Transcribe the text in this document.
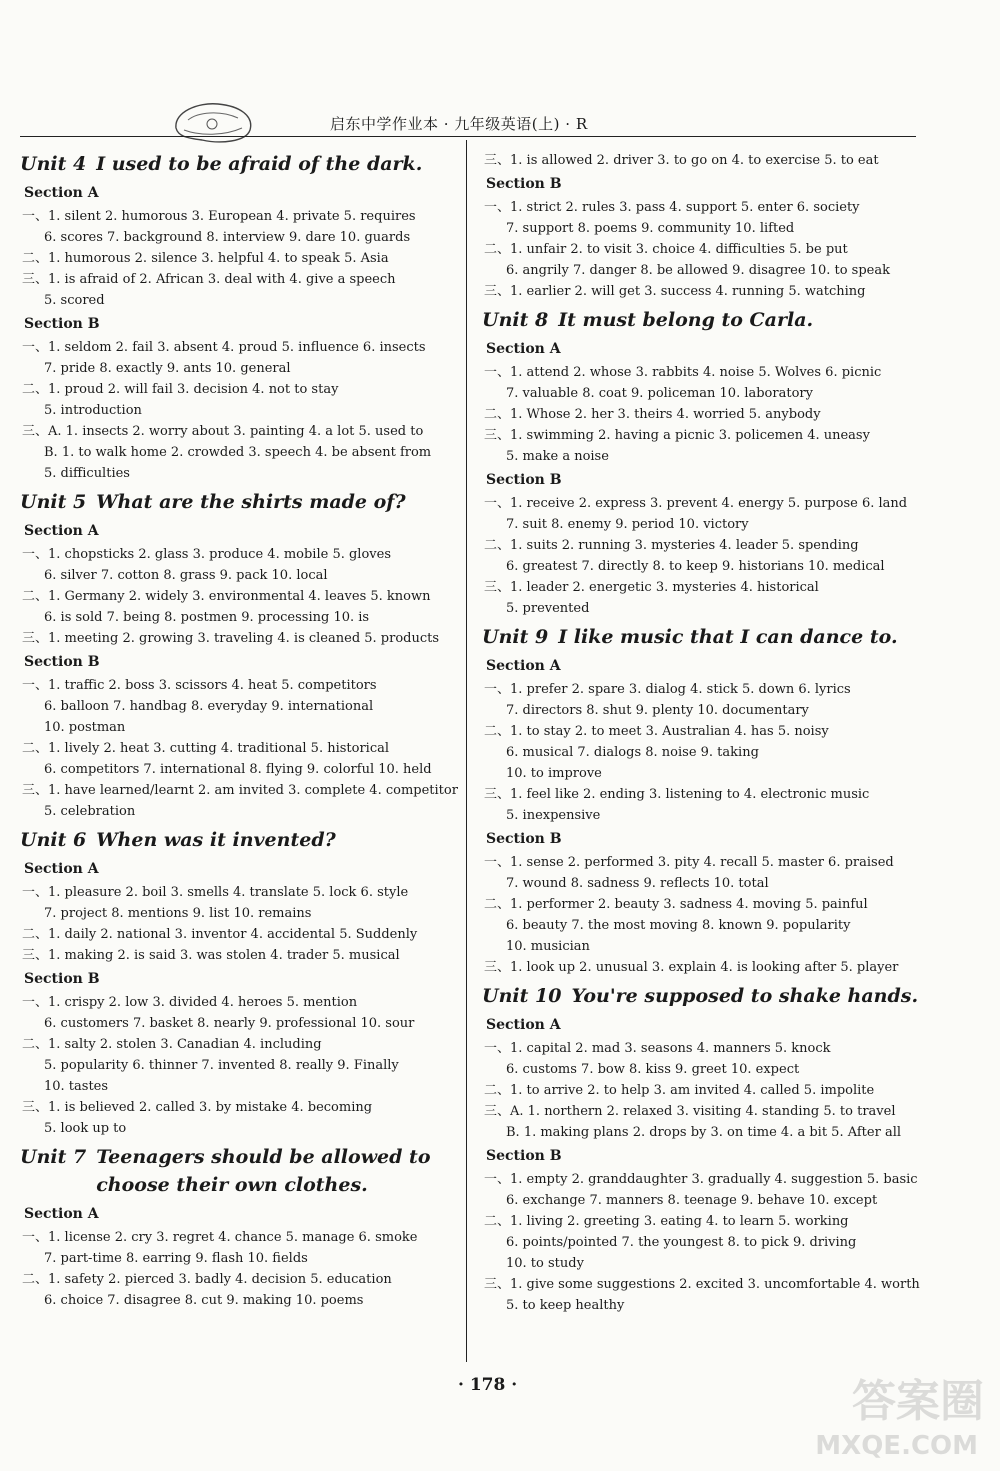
启东中学作业本 · 九年级英语(上) · R
Unit 4 I used to be afraid of the dark.
Section A
一、1. silent 2. humorous 3. European 4. private 5. requires
6. scores 7. background 8. interview 9. dare 10. guards
二、1. humorous 2. silence 3. helpful 4. to speak 5. Asia
三、1. is afraid of 2. African 3. deal with 4. give a speech
5. scored
Section B
一、1. seldom 2. fail 3. absent 4. proud 5. influence 6. insects
7. pride 8. exactly 9. ants 10. general
二、1. proud 2. will fail 3. decision 4. not to stay
5. introduction
三、A. 1. insects 2. worry about 3. painting 4. a lot 5. used to
B. 1. to walk home 2. crowded 3. speech 4. be absent from
5. difficulties
Unit 5 What are the shirts made of?
Section A
一、1. chopsticks 2. glass 3. produce 4. mobile 5. gloves
6. silver 7. cotton 8. grass 9. pack 10. local
二、1. Germany 2. widely 3. environmental 4. leaves 5. known
6. is sold 7. being 8. postmen 9. processing 10. is
三、1. meeting 2. growing 3. traveling 4. is cleaned 5. products
Section B
一、1. traffic 2. boss 3. scissors 4. heat 5. competitors
6. balloon 7. handbag 8. everyday 9. international
10. postman
二、1. lively 2. heat 3. cutting 4. traditional 5. historical
6. competitors 7. international 8. flying 9. colorful 10. held
三、1. have learned/learnt 2. am invited 3. complete 4. competitor
5. celebration
Unit 6 When was it invented?
Section A
一、1. pleasure 2. boil 3. smells 4. translate 5. lock 6. style
7. project 8. mentions 9. list 10. remains
二、1. daily 2. national 3. inventor 4. accidental 5. Suddenly
三、1. making 2. is said 3. was stolen 4. trader 5. musical
Section B
一、1. crispy 2. low 3. divided 4. heroes 5. mention
6. customers 7. basket 8. nearly 9. professional 10. sour
二、1. salty 2. stolen 3. Canadian 4. including
5. popularity 6. thinner 7. invented 8. really 9. Finally
10. tastes
三、1. is believed 2. called 3. by mistake 4. becoming
5. look up to
Unit 7 Teenagers should be allowed to choose their own clothes.
Section A
一、1. license 2. cry 3. regret 4. chance 5. manage 6. smoke
7. part-time 8. earring 9. flash 10. fields
二、1. safety 2. pierced 3. badly 4. decision 5. education
6. choice 7. disagree 8. cut 9. making 10. poems
三、1. is allowed 2. driver 3. to go on 4. to exercise 5. to eat
Section B
一、1. strict 2. rules 3. pass 4. support 5. enter 6. society
7. support 8. poems 9. community 10. lifted
二、1. unfair 2. to visit 3. choice 4. difficulties 5. be put
6. angrily 7. danger 8. be allowed 9. disagree 10. to speak
三、1. earlier 2. will get 3. success 4. running 5. watching
Unit 8 It must belong to Carla.
Section A
一、1. attend 2. whose 3. rabbits 4. noise 5. Wolves 6. picnic
7. valuable 8. coat 9. policeman 10. laboratory
二、1. Whose 2. her 3. theirs 4. worried 5. anybody
三、1. swimming 2. having a picnic 3. policemen 4. uneasy
5. make a noise
Section B
一、1. receive 2. express 3. prevent 4. energy 5. purpose 6. land
7. suit 8. enemy 9. period 10. victory
二、1. suits 2. running 3. mysteries 4. leader 5. spending
6. greatest 7. directly 8. to keep 9. historians 10. medical
三、1. leader 2. energetic 3. mysteries 4. historical
5. prevented
Unit 9 I like music that I can dance to.
Section A
一、1. prefer 2. spare 3. dialog 4. stick 5. down 6. lyrics
7. directors 8. shut 9. plenty 10. documentary
二、1. to stay 2. to meet 3. Australian 4. has 5. noisy
6. musical 7. dialogs 8. noise 9. taking
10. to improve
三、1. feel like 2. ending 3. listening to 4. electronic music
5. inexpensive
Section B
一、1. sense 2. performed 3. pity 4. recall 5. master 6. praised
7. wound 8. sadness 9. reflects 10. total
二、1. performer 2. beauty 3. sadness 4. moving 5. painful
6. beauty 7. the most moving 8. known 9. popularity
10. musician
三、1. look up 2. unusual 3. explain 4. is looking after 5. player
Unit 10 You're supposed to shake hands.
Section A
一、1. capital 2. mad 3. seasons 4. manners 5. knock
6. customs 7. bow 8. kiss 9. greet 10. expect
二、1. to arrive 2. to help 3. am invited 4. called 5. impolite
三、A. 1. northern 2. relaxed 3. visiting 4. standing 5. to travel
B. 1. making plans 2. drops by 3. on time 4. a bit 5. After all
Section B
一、1. empty 2. granddaughter 3. gradually 4. suggestion 5. basic
6. exchange 7. manners 8. teenage 9. behave 10. except
二、1. living 2. greeting 3. eating 4. to learn 5. working
6. points/pointed 7. the youngest 8. to pick 9. driving
10. to study
三、1. give some suggestions 2. excited 3. uncomfortable 4. worth
5. to keep healthy
· 178 ·	答案圈
MXQE.COM
